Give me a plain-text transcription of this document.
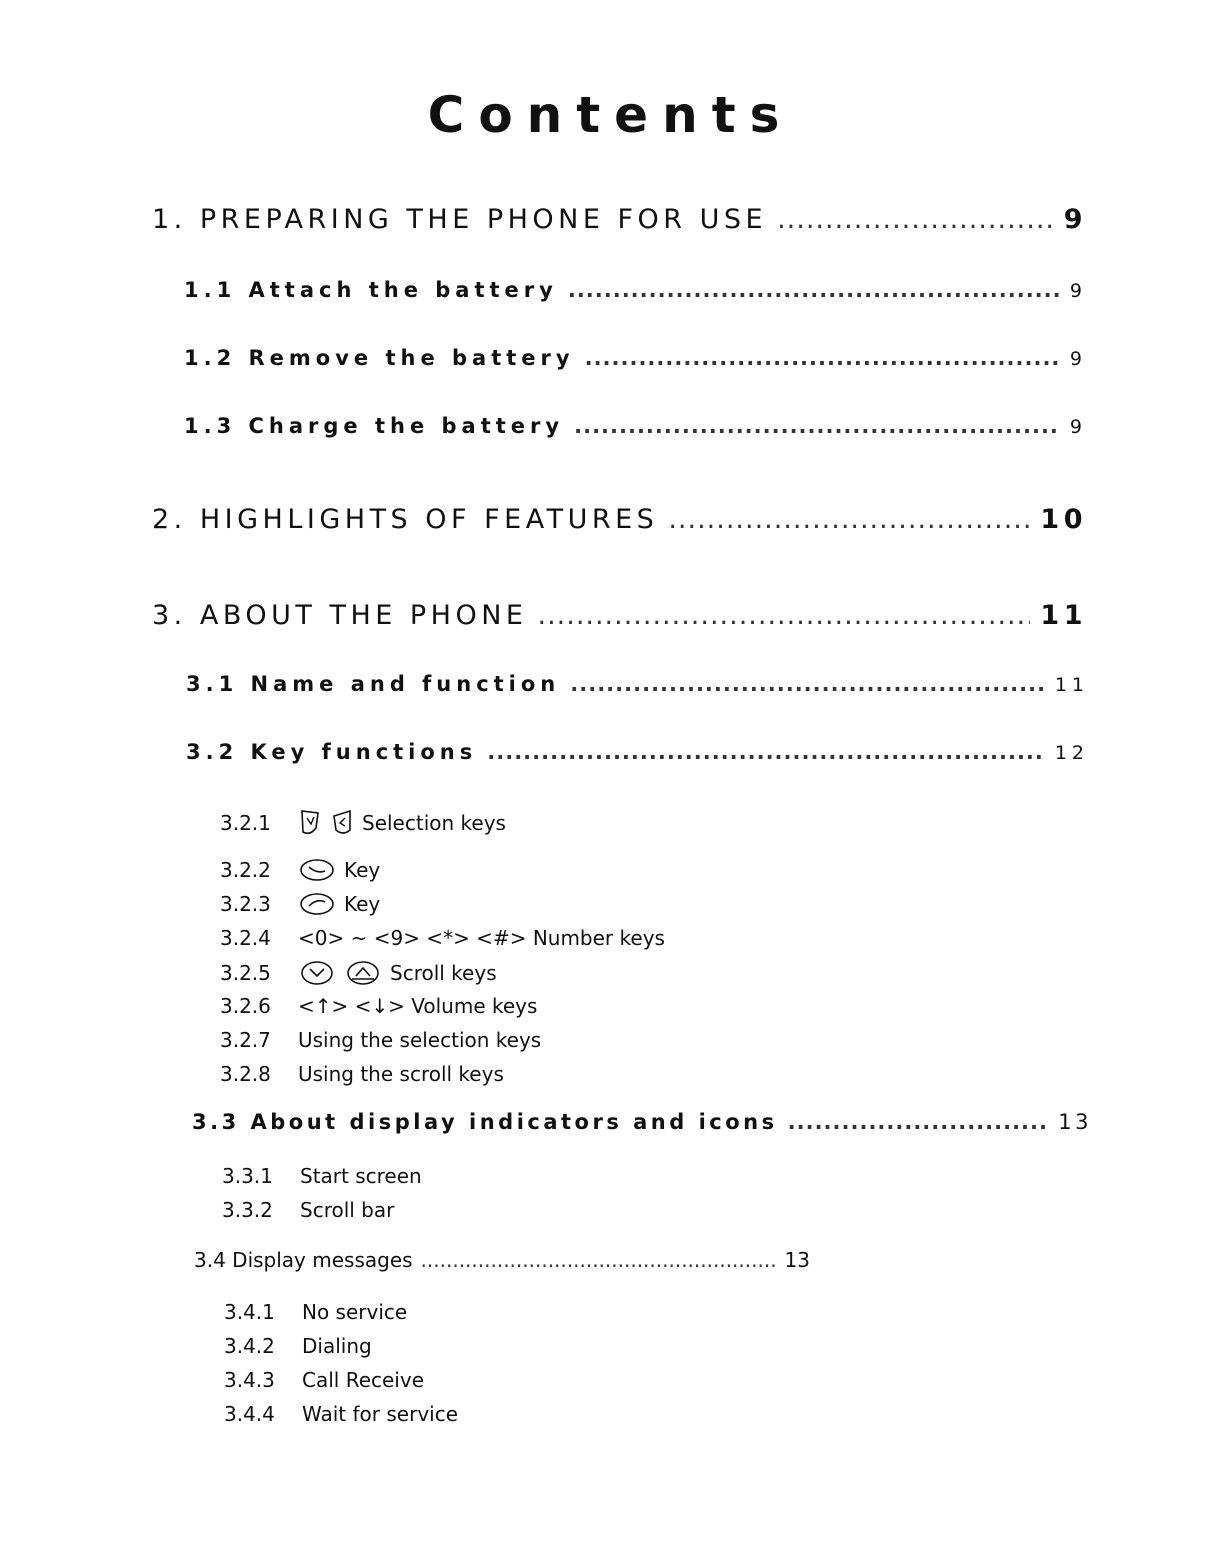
Contents
1. PREPARING THE PHONE FOR USE .....	9
1.1 Attach the battery .....	9
1.2 Remove the battery .....	9
1.3 Charge the battery .....	9
2. HIGHLIGHTS OF FEATURES .....	10
3. ABOUT THE PHONE .....	11
3.1 Name and function .....	11
3.2 Key functions .....	12
3.2.1	Selection keys
3.2.2	Key
3.2.3	Key
3.2.4	<0> ~ <9> <*> <#> Number keys
3.2.5	Scroll keys
3.2.6	<↑> <↓> Volume keys
3.2.7	Using the selection keys
3.2.8	Using the scroll keys
3.3 About display indicators and icons .....	13
3.3.1	Start screen
3.3.2	Scroll bar
3.4 Display messages .....	13
3.4.1	No service
3.4.2	Dialing
3.4.3	Call Receive
3.4.4	Wait for service
